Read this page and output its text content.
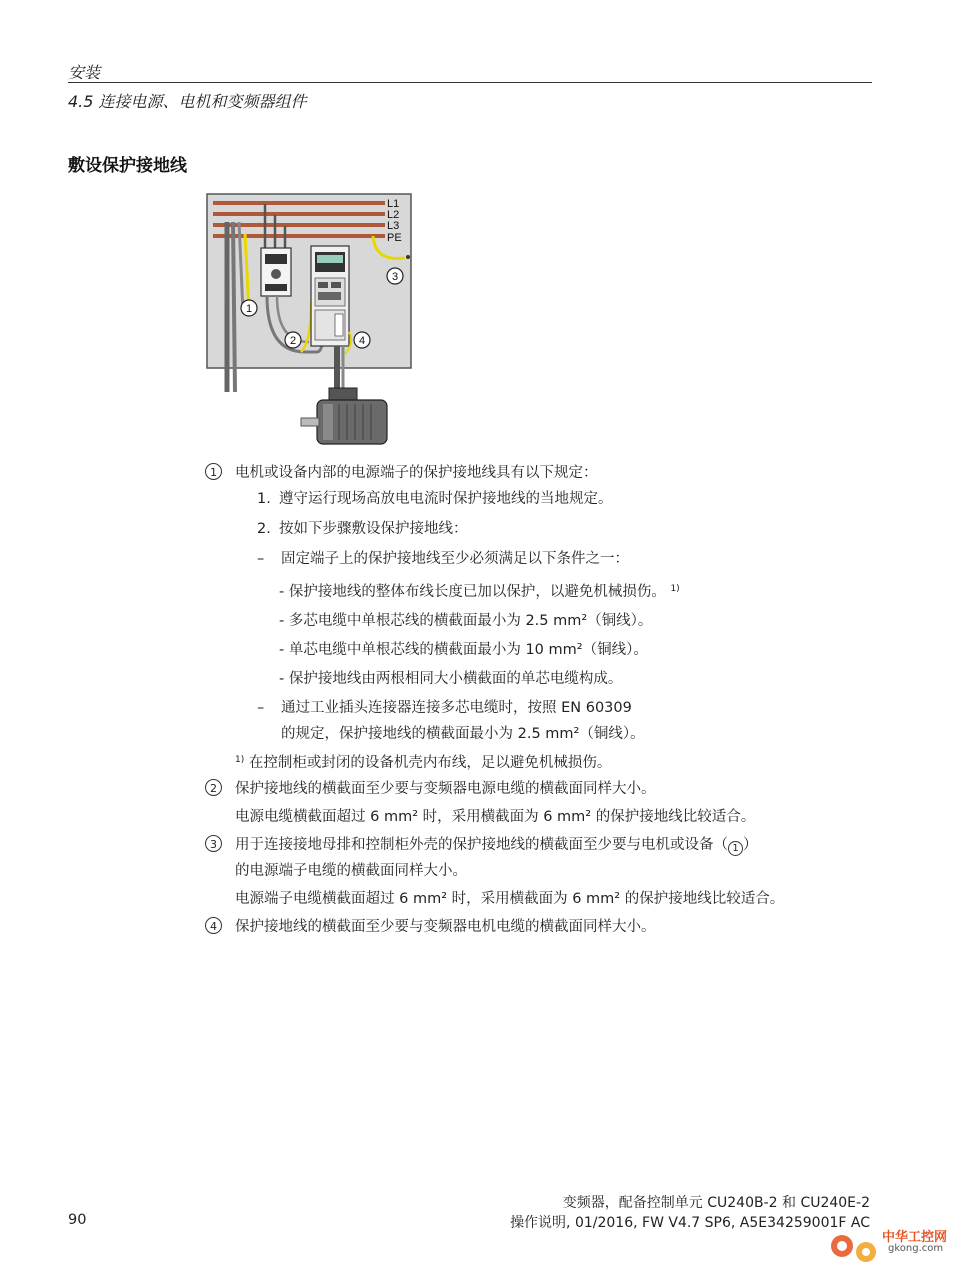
安装
4.5 连接电源、电机和变频器组件
敷设保护接地线
L1
L2
L3
PE
1
2
3
4
1	电机或设备内部的电源端子的保护接地线具有以下规定：
1. 遵守运行现场高放电电流时保护接地线的当地规定。
2. 按如下步骤敷设保护接地线：
– 固定端子上的保护接地线至少必须满足以下条件之一：
- 保护接地线的整体布线长度已加以保护，以避免机械损伤。 $^{1)}$
- 多芯电缆中单根芯线的横截面最小为 2.5 mm²（铜线）。
- 单芯电缆中单根芯线的横截面最小为 10 mm²（铜线）。
- 保护接地线由两根相同大小横截面的单芯电缆构成。
– 通过工业插头连接器连接多芯电缆时，按照 EN 60309
的规定，保护接地线的横截面最小为 2.5 mm²（铜线）。
$^{1)}$ 在控制柜或封闭的设备机壳内布线，足以避免机械损伤。
2	保护接地线的横截面至少要与变频器电源电缆的横截面同样大小。
电源电缆横截面超过 6 mm² 时，采用横截面为 6 mm² 的保护接地线比较适合。
3	用于连接接地母排和控制柜外壳的保护接地线的横截面至少要与电机或设备（ 1 ）
的电源端子电缆的横截面同样大小。
电源端子电缆横截面超过 6 mm² 时，采用横截面为 6 mm² 的保护接地线比较适合。
4	保护接地线的横截面至少要与变频器电机电缆的横截面同样大小。
90
变频器，配备控制单元 CU240B-2 和 CU240E-2
操作说明, 01/2016, FW V4.7 SP6, A5E34259001F AC
中华工控网
gkong.com
